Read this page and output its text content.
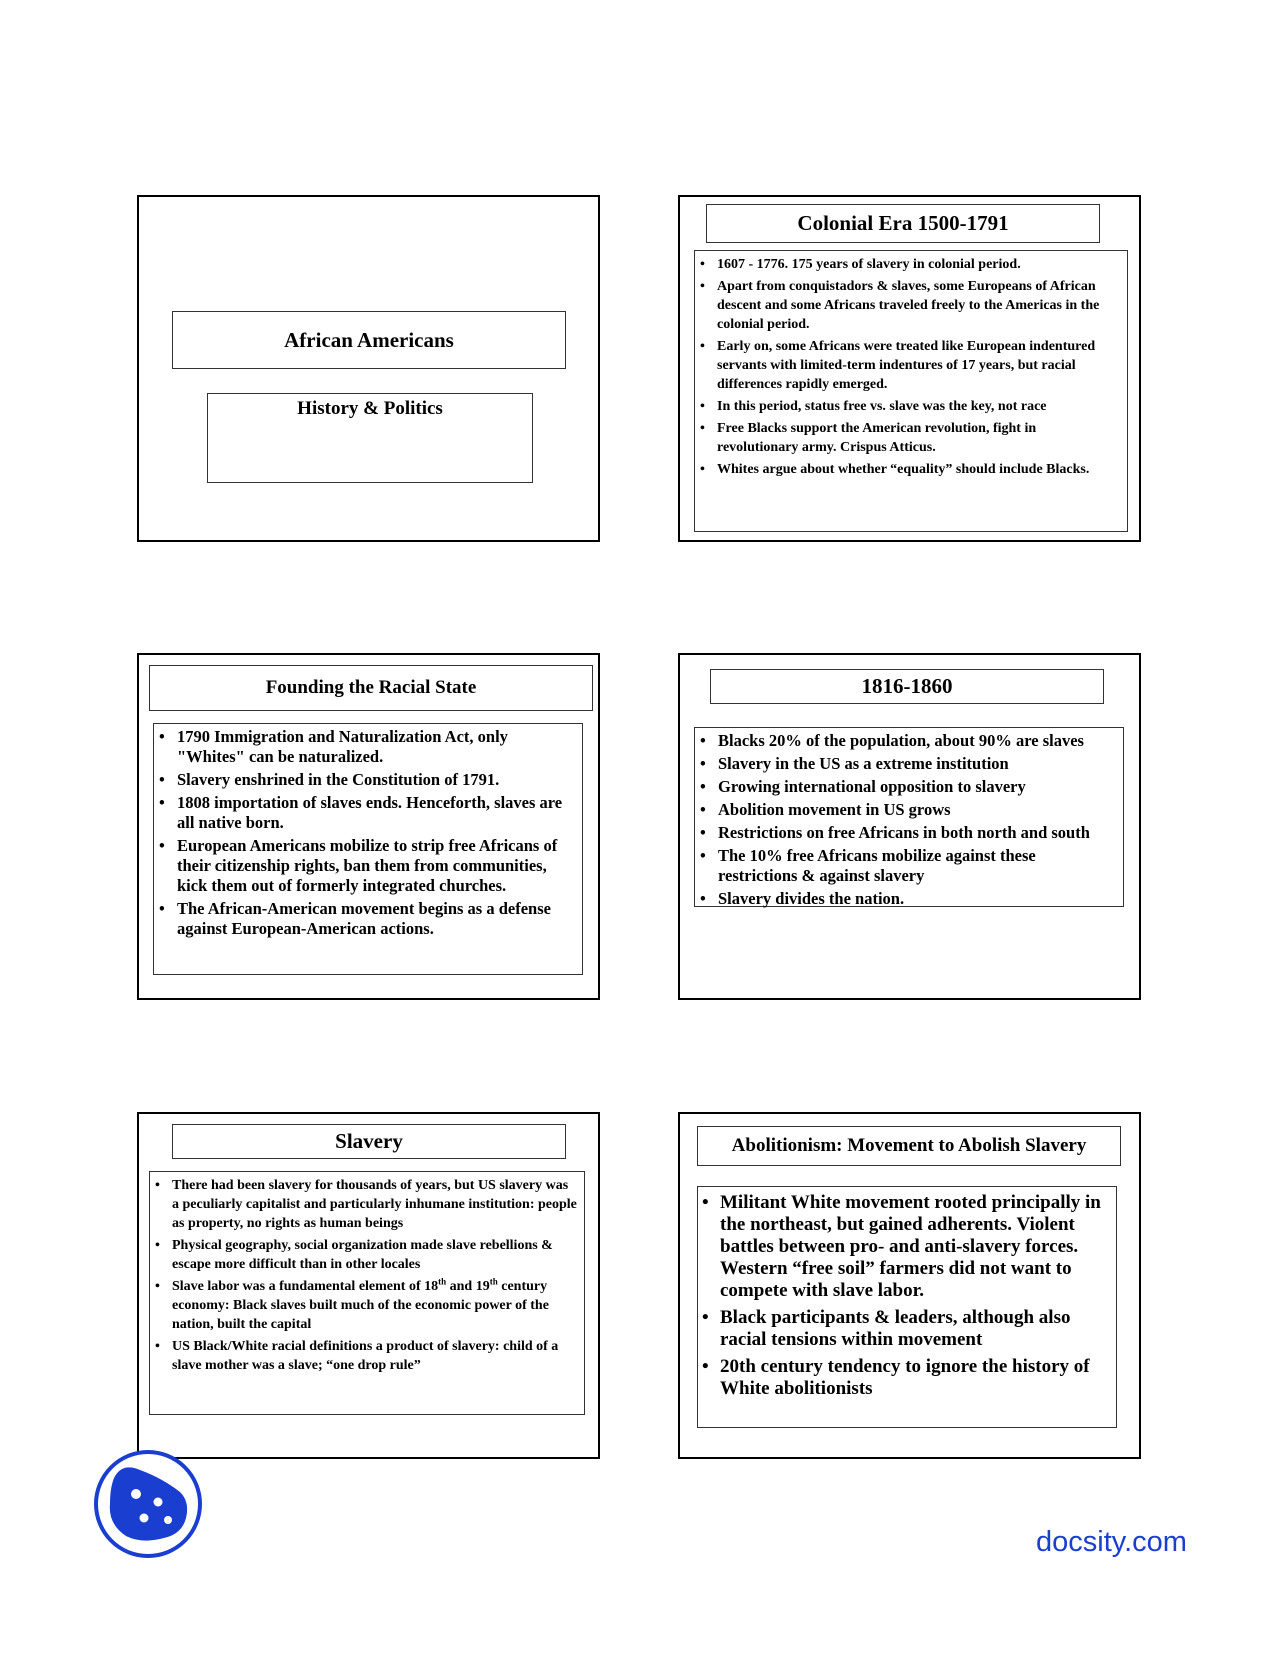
African Americans
History & Politics
Colonial Era 1500-1791
• 1607 - 1776. 175 years of slavery in colonial period.
• Apart from conquistadors & slaves, some Europeans of African descent and some Africans traveled freely to the Americas in the colonial period.
• Early on, some Africans were treated like European indentured servants with limited-term indentures of 17 years, but racial differences rapidly emerged.
• In this period, status free vs. slave was the key, not race
• Free Blacks support the American revolution, fight in revolutionary army. Crispus Atticus.
• Whites argue about whether “equality” should include Blacks.
Founding the Racial State
• 1790 Immigration and Naturalization Act, only "Whites" can be naturalized.
• Slavery enshrined in the Constitution of 1791.
• 1808 importation of slaves ends. Henceforth, slaves are all native born.
• European Americans mobilize to strip free Africans of their citizenship rights, ban them from communities, kick them out of formerly integrated churches.
• The African-American movement begins as a defense against European-American actions.
1816-1860
• Blacks 20% of the population, about 90% are slaves
• Slavery in the US as a extreme institution
• Growing international opposition to slavery
• Abolition movement in US grows
• Restrictions on free Africans in both north and south
• The 10% free Africans mobilize against these restrictions & against slavery
• Slavery divides the nation.
Slavery
• There had been slavery for thousands of years, but US slavery was a peculiarly capitalist and particularly inhumane institution: people as property, no rights as human beings
• Physical geography, social organization made slave rebellions & escape more difficult than in other locales
• Slave labor was a fundamental element of 18th and 19th century economy: Black slaves built much of the economic power of the nation, built the capital
• US Black/White racial definitions a product of slavery: child of a slave mother was a slave; “one drop rule”
Abolitionism: Movement to Abolish Slavery
• Militant White movement rooted principally in the northeast, but gained adherents. Violent battles between pro- and anti-slavery forces. Western “free soil” farmers did not want to compete with slave labor.
• Black participants & leaders, although also racial tensions within movement
• 20th century tendency to ignore the history of White abolitionists
docsity.com
